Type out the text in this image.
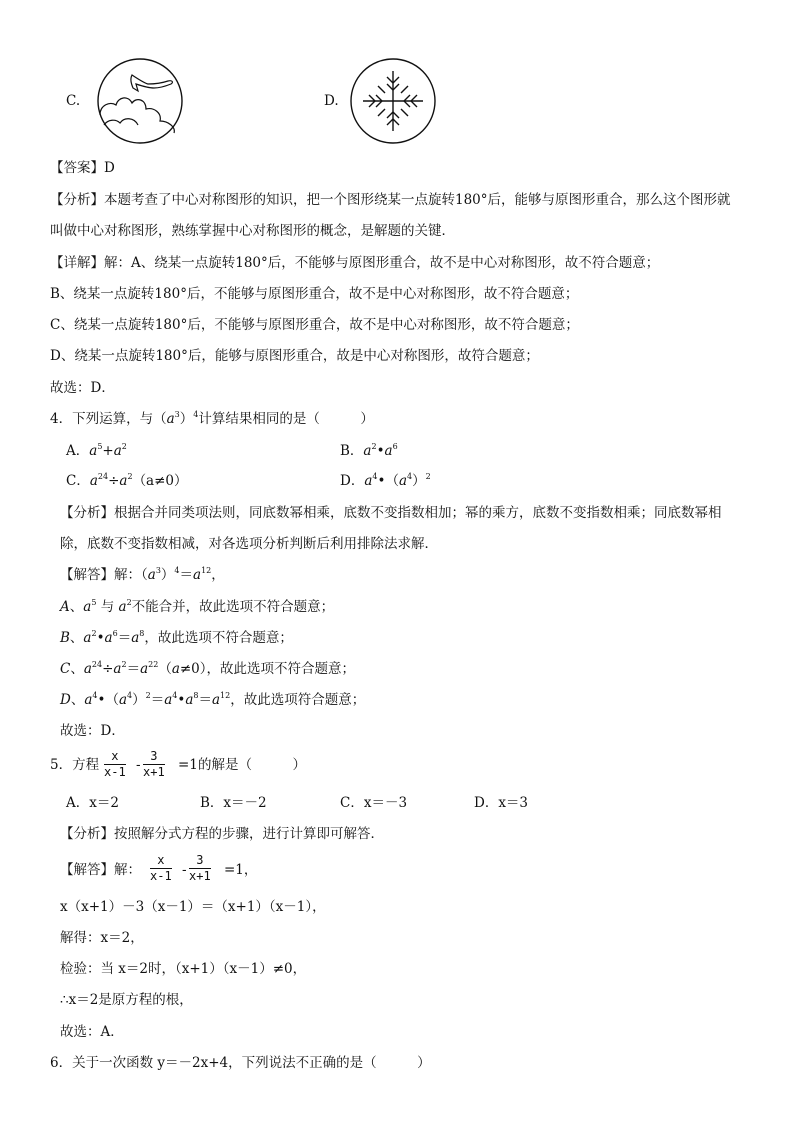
C.	D.
【答案】D
【分析】本题考查了中心对称图形的知识，把一个图形绕某一点旋转180°后，能够与原图形重合，那么这个图形就
叫做中心对称图形，熟练掌握中心对称图形的概念，是解题的关键．
【详解】解：A、绕某一点旋转180°后，不能够与原图形重合，故不是中心对称图形，故不符合题意；
B、绕某一点旋转180°后，不能够与原图形重合，故不是中心对称图形，故不符合题意；
C、绕某一点旋转180°后，不能够与原图形重合，故不是中心对称图形，故不符合题意；
D、绕某一点旋转180°后，能够与原图形重合，故是中心对称图形，故符合题意；
故选：D．
4．下列运算，与$(a^3)^4$计算结果相同的是（　　　）
A．$a^5+a^2$	B．$a^2•a^6$
C．$a^{24}\div a^2(a\ne 0)$	D．$a^4•(a^4)^2$
【分析】根据合并同类项法则，同底数幂相乘，底数不变指数相加；幂的乘方，底数不变指数相乘；同底数幂相
除，底数不变指数相减，对各选项分析判断后利用排除法求解．
【解答】解：$(a^3)^4=a^{12}$，
A、$a^5$ 与 $a^2$不能合并，故此选项不符合题意；
B、$a^2•a^6=a^8$，故此选项不符合题意；
C、$a^{24}\div a^2=a^{22}(a\ne 0)$，故此选项不符合题意；
D、$a^4•(a^4)^2=a^4•a^8=a^{12}$，故此选项符合题意；
故选：D．
5．方程 $\frac{x}{x-1} - \frac{3}{x+1} =1$ 的解是（　　　）
A．x＝2	B．x＝－2	C．x＝－3	D．x＝3
【分析】按照解分式方程的步骤，进行计算即可解答．
【解答】解： $\frac{x}{x-1} - \frac{3}{x+1} =1$，
x（x+1）－3（x－1）＝（x+1）（x－1），
解得：x＝2，
检验：当 x＝2时，（x+1）（x－1）≠0，
∴x＝2是原方程的根，
故选：A．
6．关于一次函数 y＝－2x+4，下列说法不正确的是（　　　）
